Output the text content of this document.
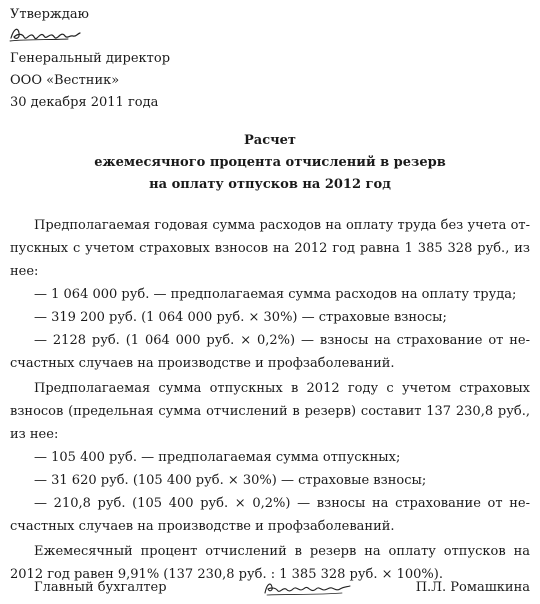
Утверждаю
Генеральный директор
ООО «Вестник»
30 декабря 2011 года
Расчет
ежемесячного процента отчислений в резерв
на оплату отпусков на 2012 год
Предполагаемая годовая сумма расходов на оплату труда без учета от-
пускных с учетом страховых взносов на 2012 год равна 1 385 328 руб., из
нее:
— 1 064 000 руб. — предполагаемая сумма расходов на оплату труда;
— 319 200 руб. (1 064 000 руб. × 30%) — страховые взносы;
— 2128 руб. (1 064 000 руб. × 0,2%) — взносы на страхование от не-
счастных случаев на производстве и профзаболеваний.
Предполагаемая сумма отпускных в 2012 году с учетом страховых
взносов (предельная сумма отчислений в резерв) составит 137 230,8 руб.,
из нее:
— 105 400 руб. — предполагаемая сумма отпускных;
— 31 620 руб. (105 400 руб. × 30%) — страховые взносы;
— 210,8 руб. (105 400 руб. × 0,2%) — взносы на страхование от не-
счастных случаев на производстве и профзаболеваний.
Ежемесячный процент отчислений в резерв на оплату отпусков на
2012 год равен 9,91% (137 230,8 руб. : 1 385 328 руб. × 100%).
Главный бухгалтер	П.Л. Ромашкина
